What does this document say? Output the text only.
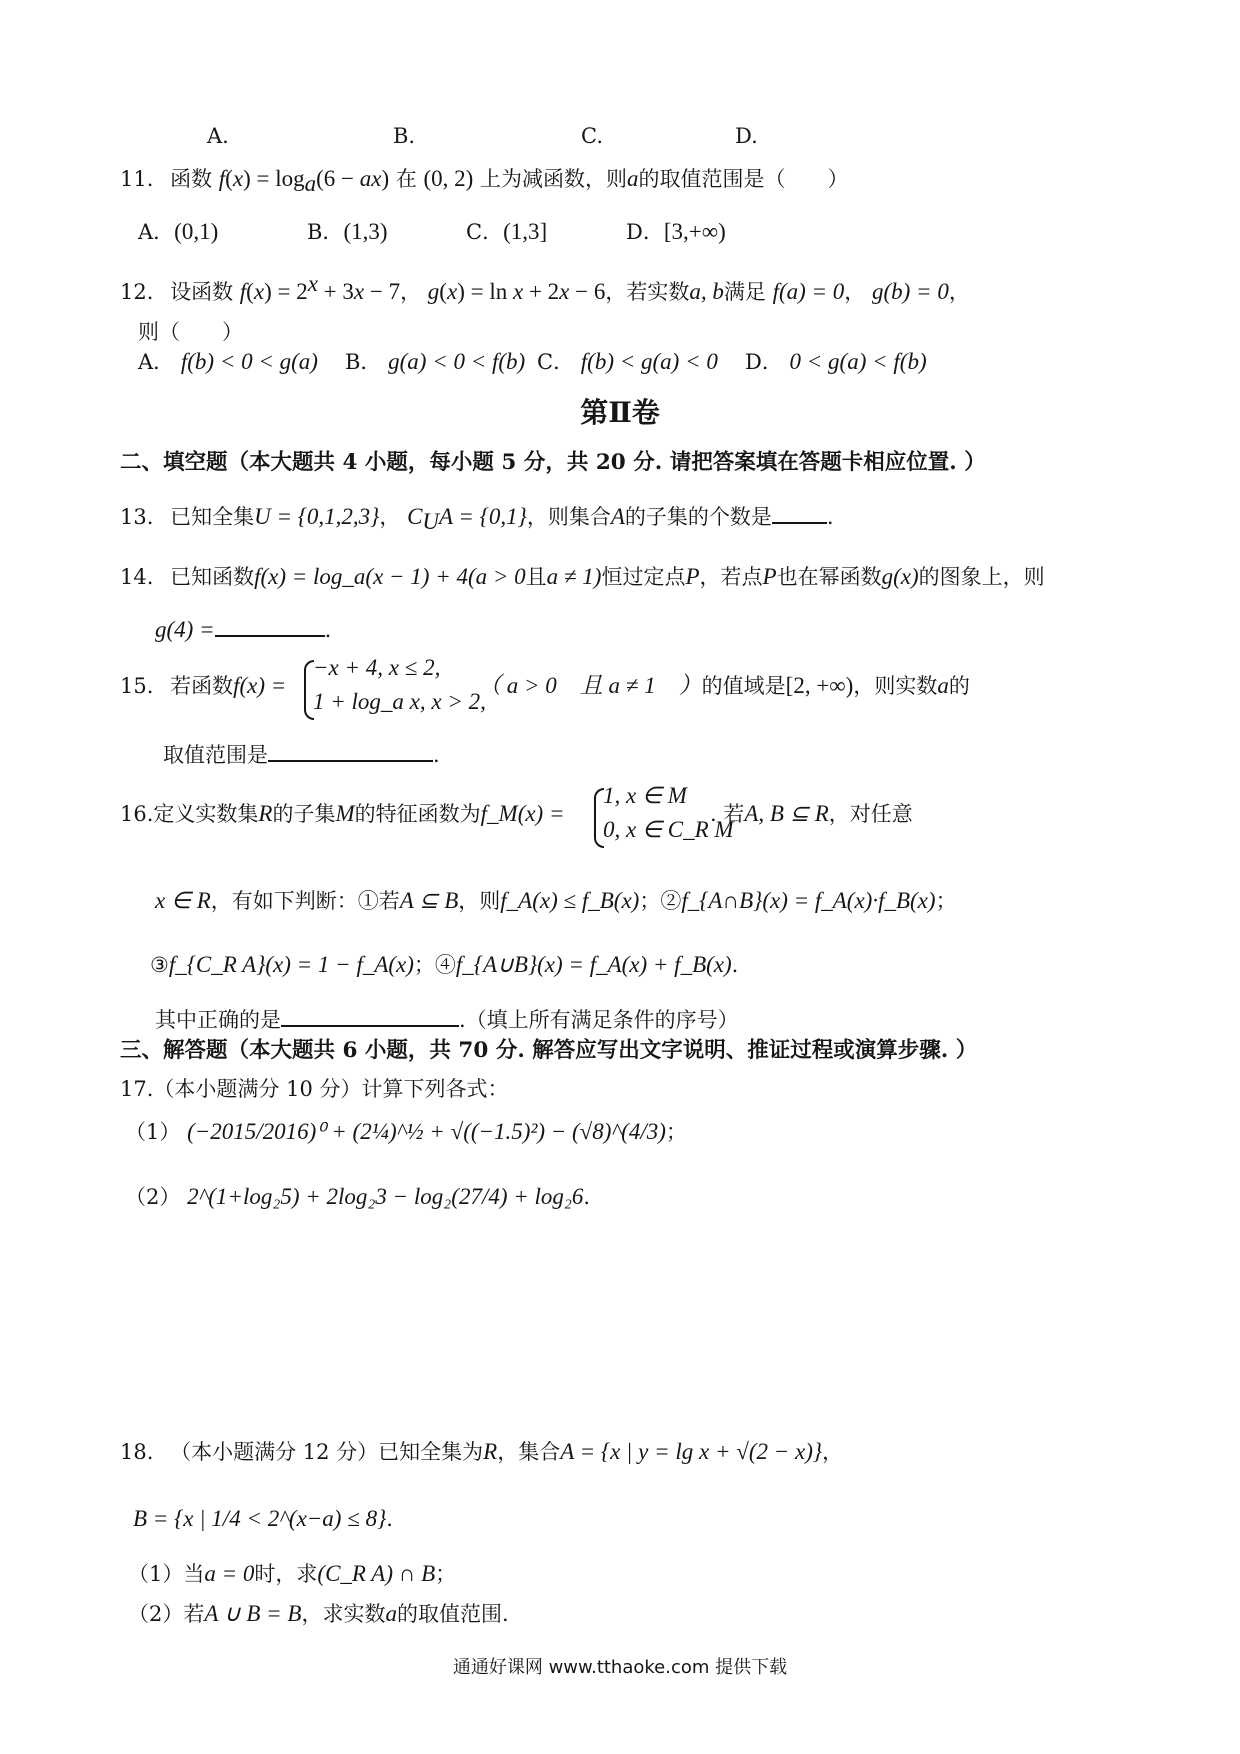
A.	B.	C.	D.
11. 函数 $f(x) = \log_a(6 - ax)$ 在 (0, 2) 上为减函数，则a的取值范围是（　　）
A．(0,1)	B．(1,3)	C．(1,3]	D．[3,+∞)
12. 设函数 $f(x) = 2^x + 3x - 7$， g(x) = ln x + 2x − 6，若实数a, b满足 f(a) = 0， g(b) = 0，
则（　　）
A． f(b) < 0 < g(a) B． g(a) < 0 < f(b) C． f(b) < g(a) < 0 D． 0 < g(a) < f(b)
第Ⅱ卷
二、填空题（本大题共 4 小题，每小题 5 分，共 20 分. 请把答案填在答题卡相应位置. ）
13. 已知全集U = {0,1,2,3}， $C_UA = \{0,1\}$，则集合A的子集的个数是	.
14. 已知函数f(x) = log_a(x − 1) + 4(a > 0且a ≠ 1)恒过定点P，若点P也在幂函数g(x)的图象上，则
g(4) =	.
15. 若函数f(x) =
−x + 4, x ≤ 2,
1 + log_a x, x > 2,
（ a > 0　且 a ≠ 1　）的值域是[2, +∞)，则实数a的
取值范围是	.
16.定义实数集R的子集M的特征函数为f_M(x) =
1, x ∈ M
0, x ∈ C_R M
. 若A, B ⊆ R，对任意
x ∈ R，有如下判断：①若A ⊆ B，则f_A(x) ≤ f_B(x)；②f_{A∩B}(x) = f_A(x)·f_B(x)；
③f_{C_R A}(x) = 1 − f_A(x)；④f_{A∪B}(x) = f_A(x) + f_B(x).
其中正确的是	.（填上所有满足条件的序号）
三、解答题（本大题共 6 小题，共 70 分. 解答应写出文字说明、推证过程或演算步骤. ）
17.（本小题满分 10 分）计算下列各式：
（1） (−2015/2016)⁰ + (2¼)^½ + √((−1.5)²) − (√8)^(4/3)；
（2） 2^(1+log₂5) + 2log₂3 − log₂(27/4) + log₂6.
18. （本小题满分 12 分）已知全集为R，集合A = {x | y = lg x + √(2 − x)}，
B = {x | 1/4 < 2^(x−a) ≤ 8}.
（1）当a = 0时，求(C_R A) ∩ B；
（2）若A ∪ B = B，求实数a的取值范围.
通通好课网 www.tthaoke.com 提供下载
